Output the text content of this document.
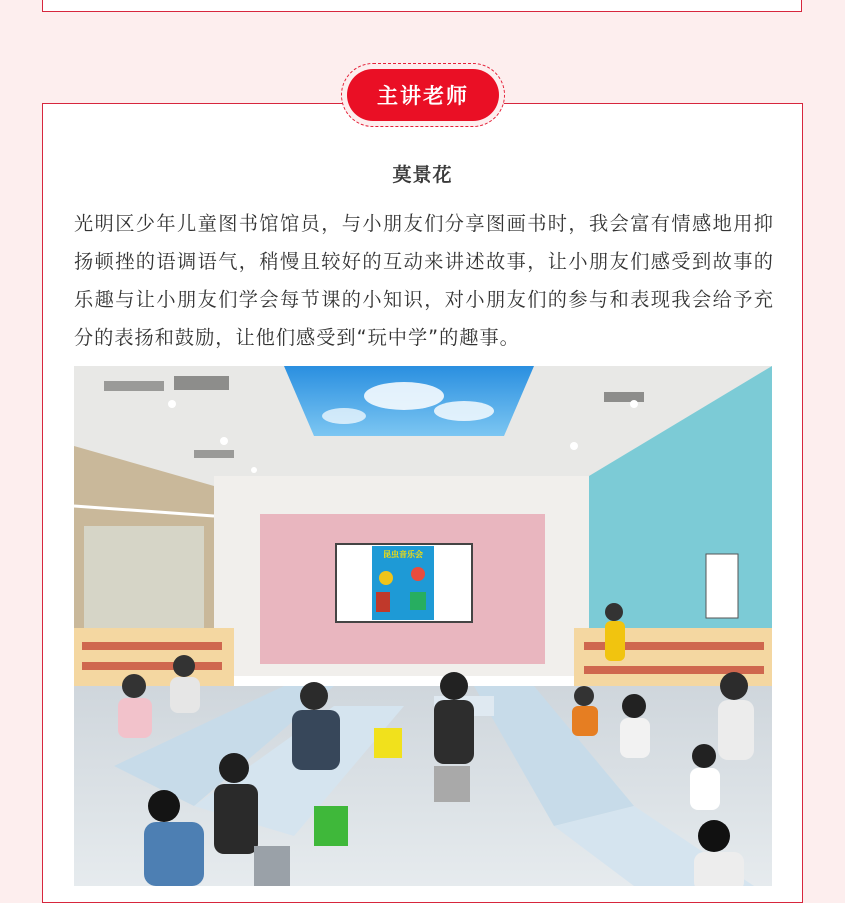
主讲老师
莫景花

光明区少年儿童图书馆馆员，与小朋友们分享图画书时，我会富有情感地用抑扬顿挫的语调语气，稍慢且较好的互动来讲述故事，让小朋友们感受到故事的乐趣与让小朋友们学会每节课的小知识，对小朋友们的参与和表现我会给予充分的表扬和鼓励，让他们感受到“玩中学”的趣事。

昆虫音乐会
